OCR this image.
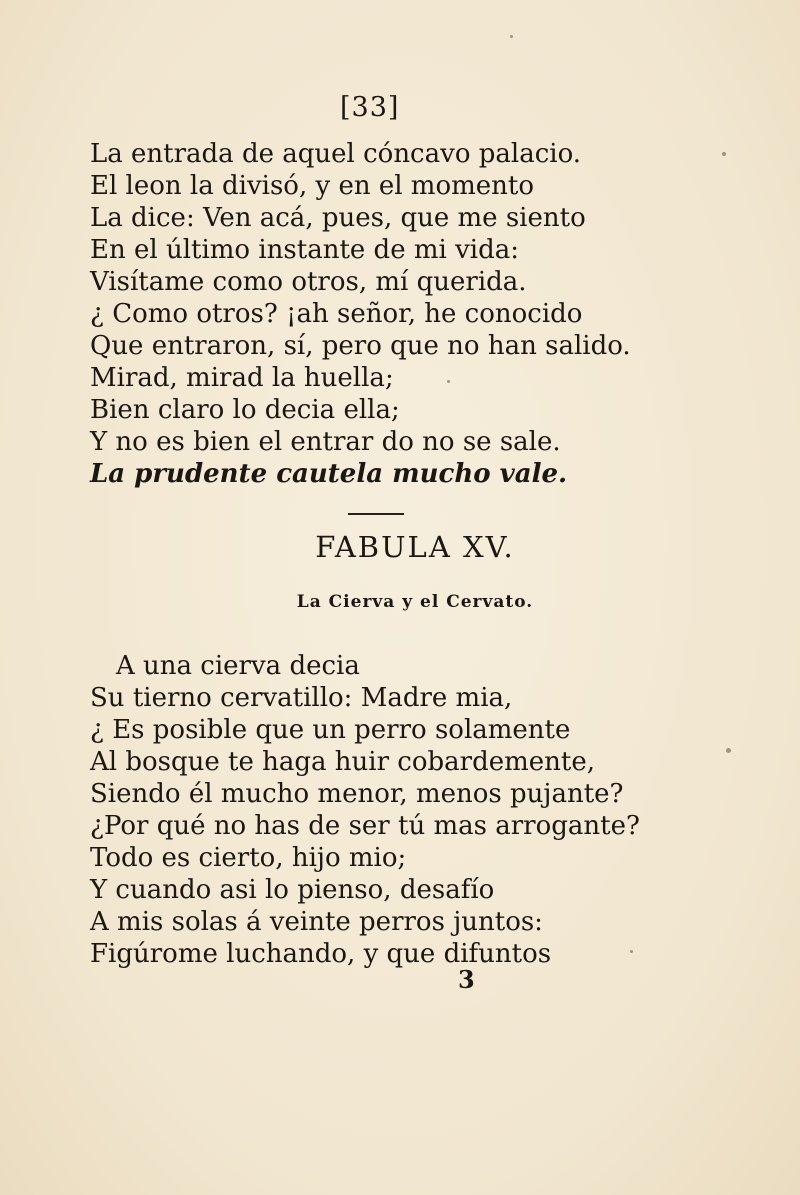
[33]
La entrada de aquel cóncavo palacio.
El leon la divisó, y en el momento
La dice: Ven acá, pues, que me siento
En el último instante de mi vida:
Visítame como otros, mí querida.
¿ Como otros? ¡ah señor, he conocido
Que entraron, sí, pero que no han salido.
Mirad, mirad la huella;
Bien claro lo decia ella;
Y no es bien el entrar do no se sale.
La prudente cautela mucho vale.
FABULA XV.
La Cierva y el Cervato.
A una cierva decia
Su tierno cervatillo: Madre mia,
¿ Es posible que un perro solamente
Al bosque te haga huir cobardemente,
Siendo él mucho menor, menos pujante?
¿Por qué no has de ser tú mas arrogante?
Todo es cierto, hijo mio;
Y cuando asi lo pienso, desafío
A mis solas á veinte perros juntos:
Figúrome luchando, y que difuntos
3
